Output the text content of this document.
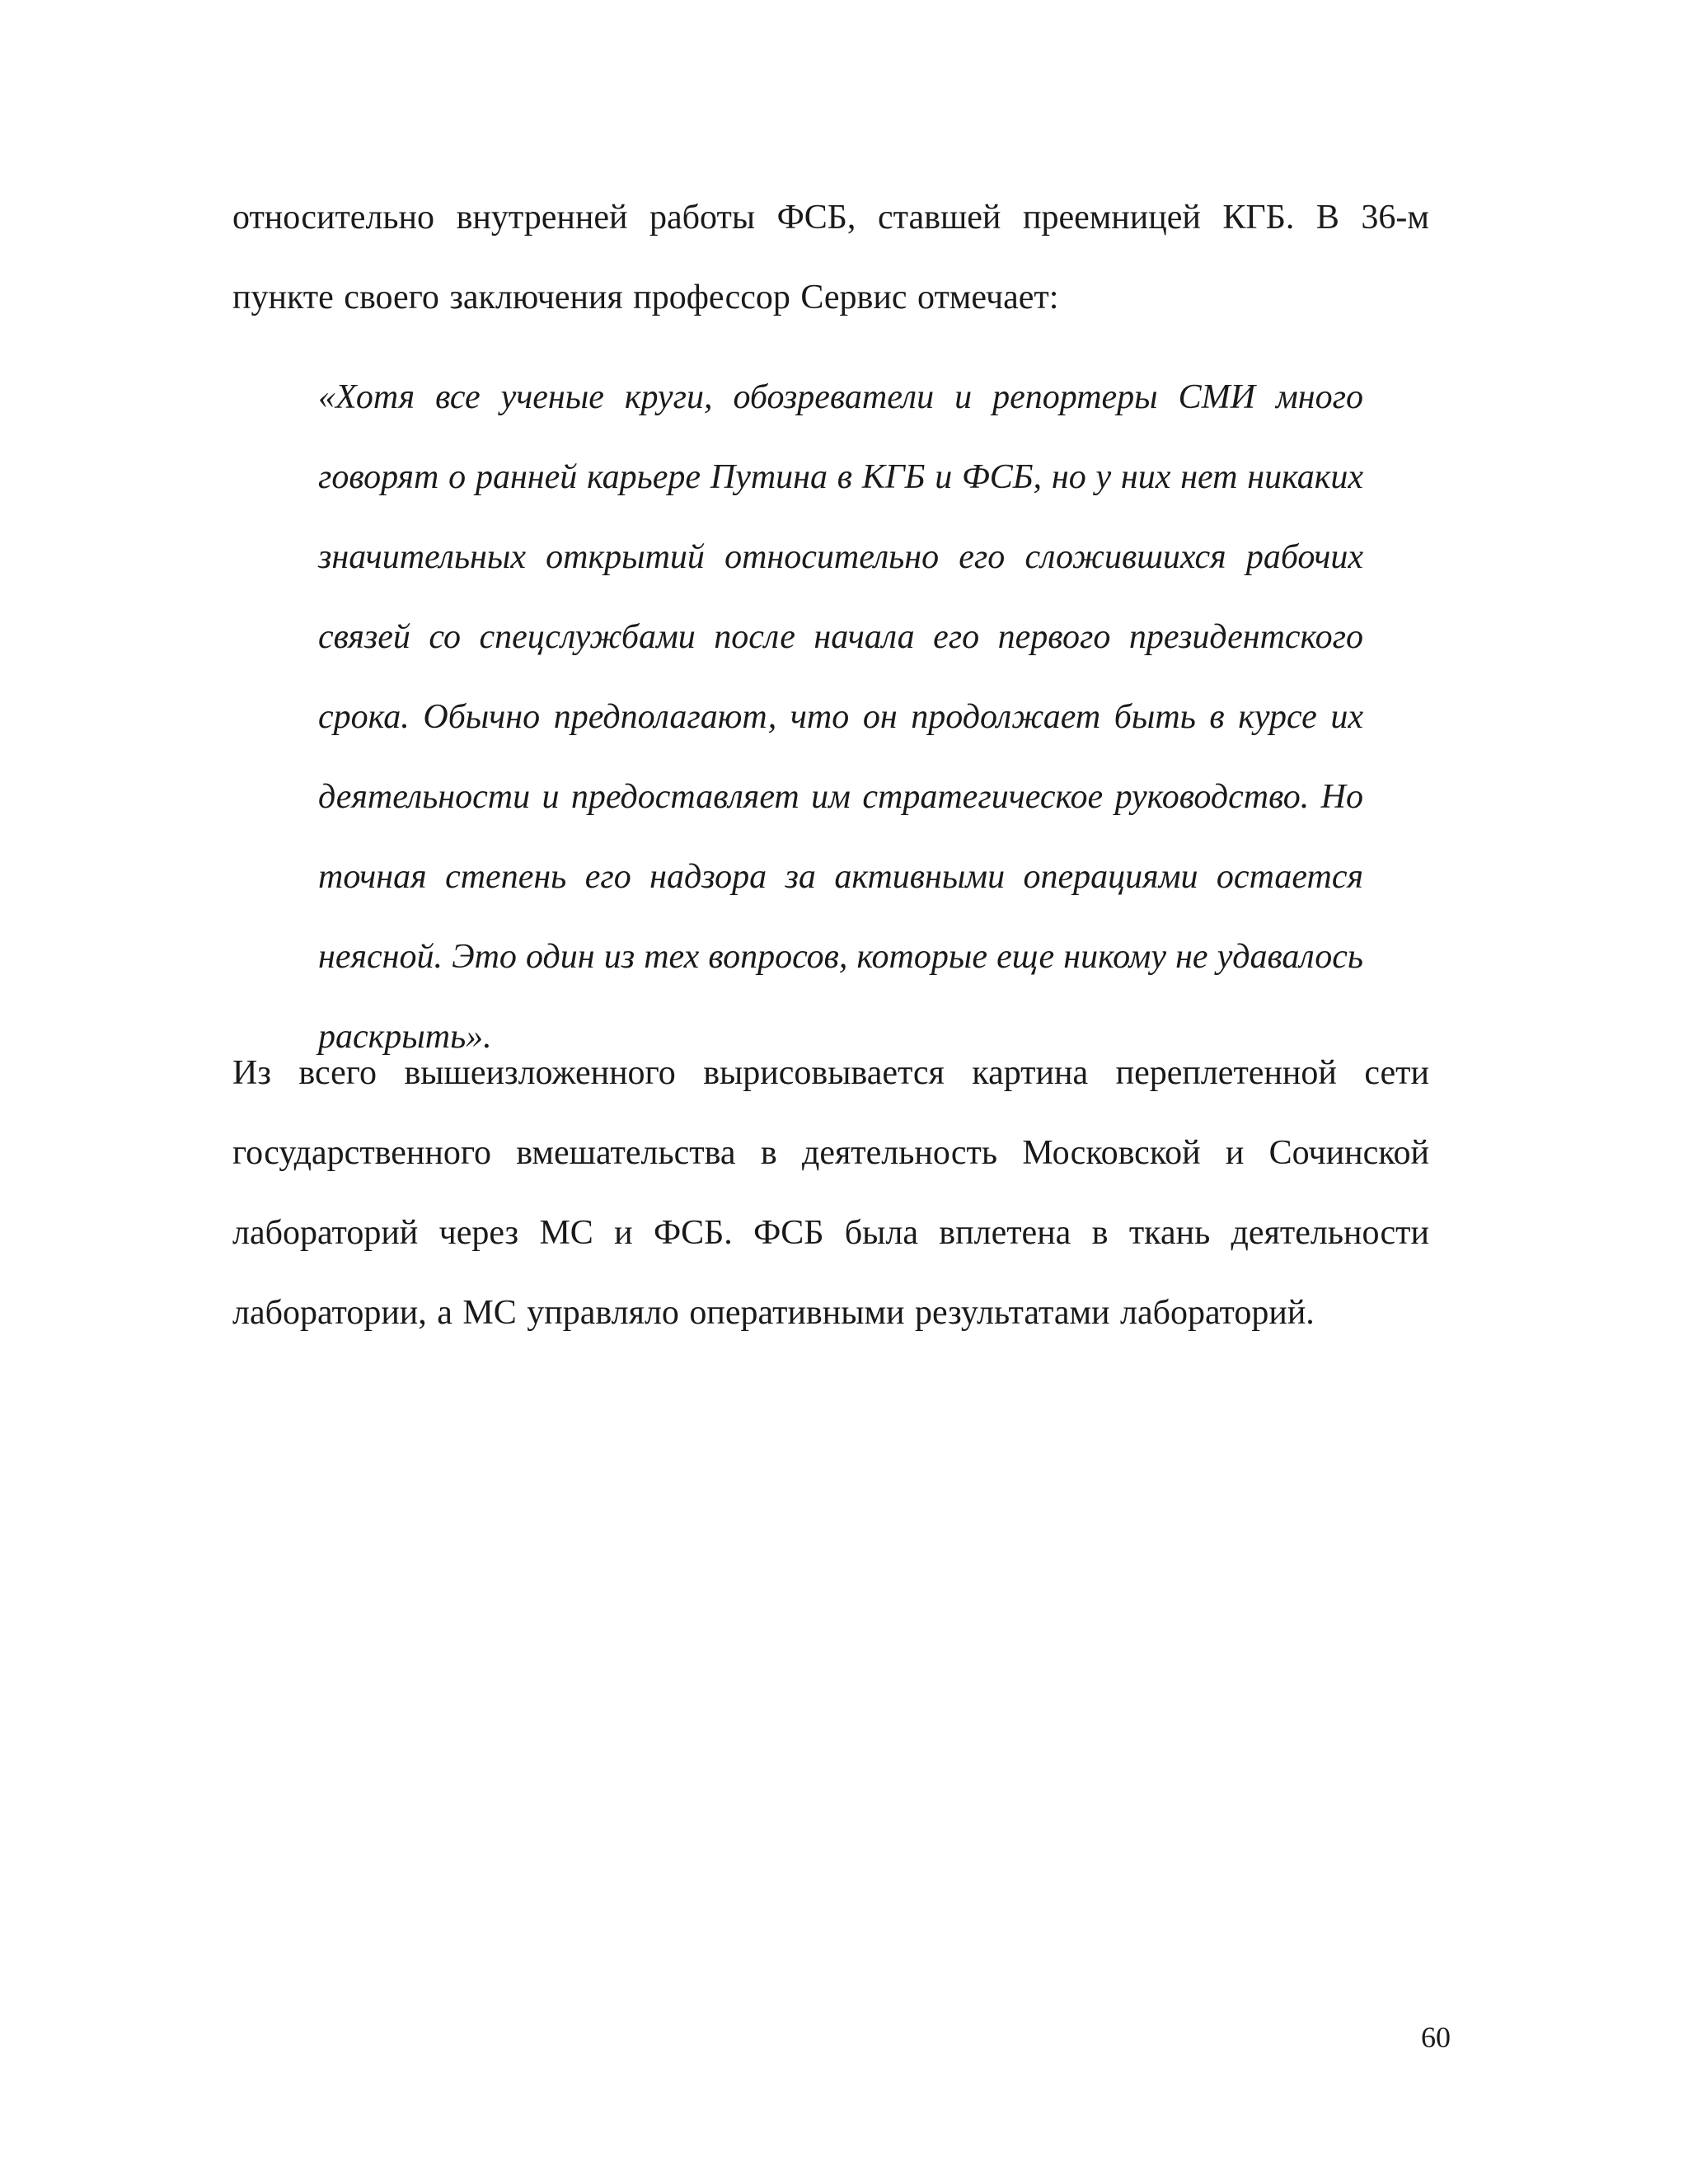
относительно внутренней работы ФСБ, ставшей преемницей КГБ. В 36-м пункте своего заключения профессор Сервис отмечает:

«Хотя все ученые круги, обозреватели и репортеры СМИ много говорят о ранней карьере Путина в КГБ и ФСБ, но у них нет никаких значительных открытий относительно его сложившихся рабочих связей со спецслужбами после начала его первого президентского срока. Обычно предполагают, что он продолжает быть в курсе их деятельности и предоставляет им стратегическое руководство. Но точная степень его надзора за активными операциями остается неясной. Это один из тех вопросов, которые еще никому не удавалось раскрыть».

Из всего вышеизложенного вырисовывается картина переплетенной сети государственного вмешательства в деятельность Московской и Сочинской лабораторий через МС и ФСБ. ФСБ была вплетена в ткань деятельности лаборатории, а МС управляло оперативными результатами лабораторий.

60
